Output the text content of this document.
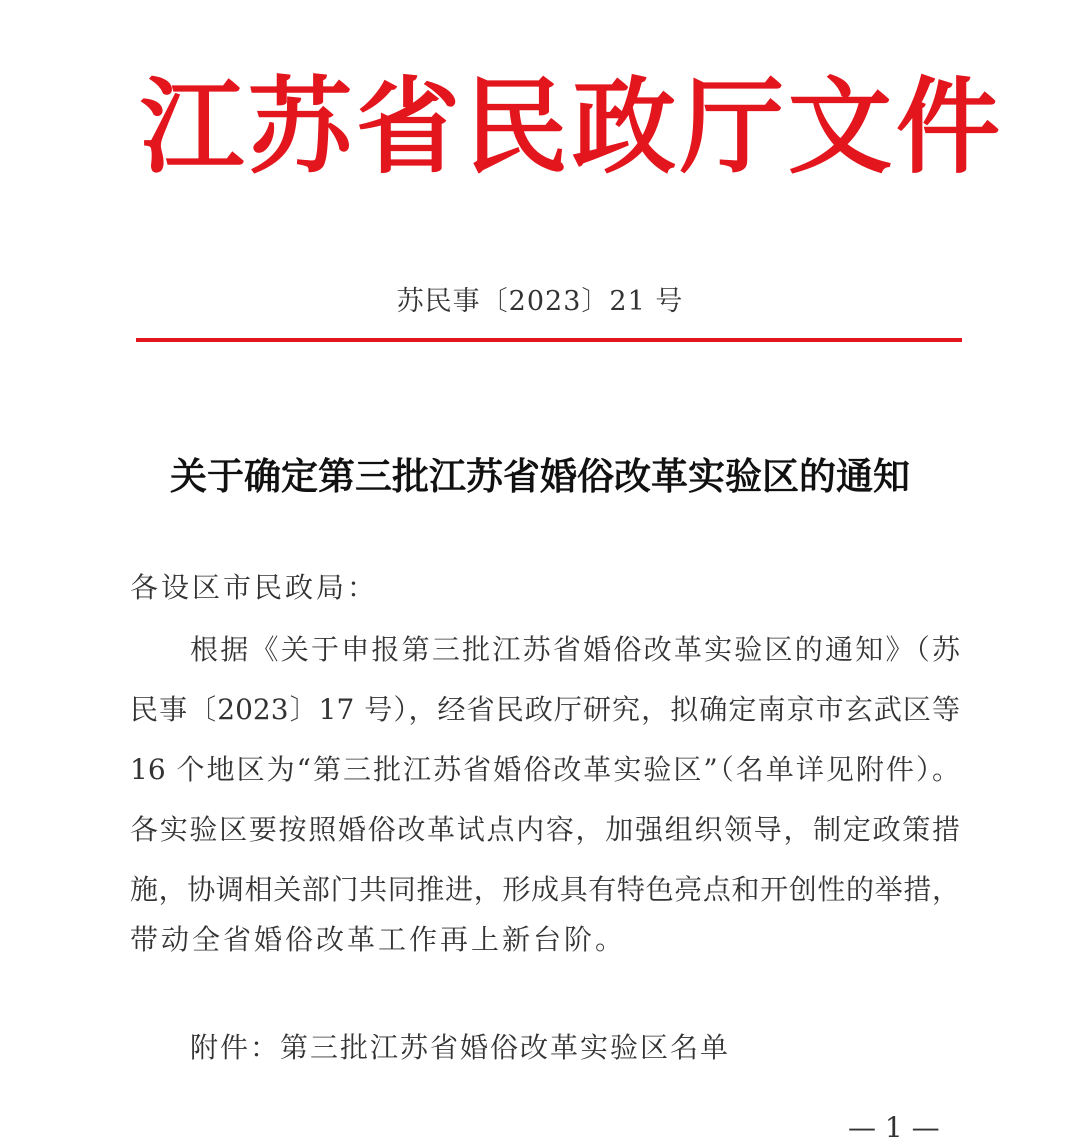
江苏省民政厅文件
苏民事〔2023〕21 号
关于确定第三批江苏省婚俗改革实验区的通知
各设区市民政局：
根据《关于申报第三批江苏省婚俗改革实验区的通知》（苏
民事〔2023〕17 号），经省民政厅研究，拟确定南京市玄武区等
16 个地区为“第三批江苏省婚俗改革实验区”（名单详见附件）。
各实验区要按照婚俗改革试点内容，加强组织领导，制定政策措
施，协调相关部门共同推进，形成具有特色亮点和开创性的举措，
带动全省婚俗改革工作再上新台阶。
附件：第三批江苏省婚俗改革实验区名单
— 1 —
